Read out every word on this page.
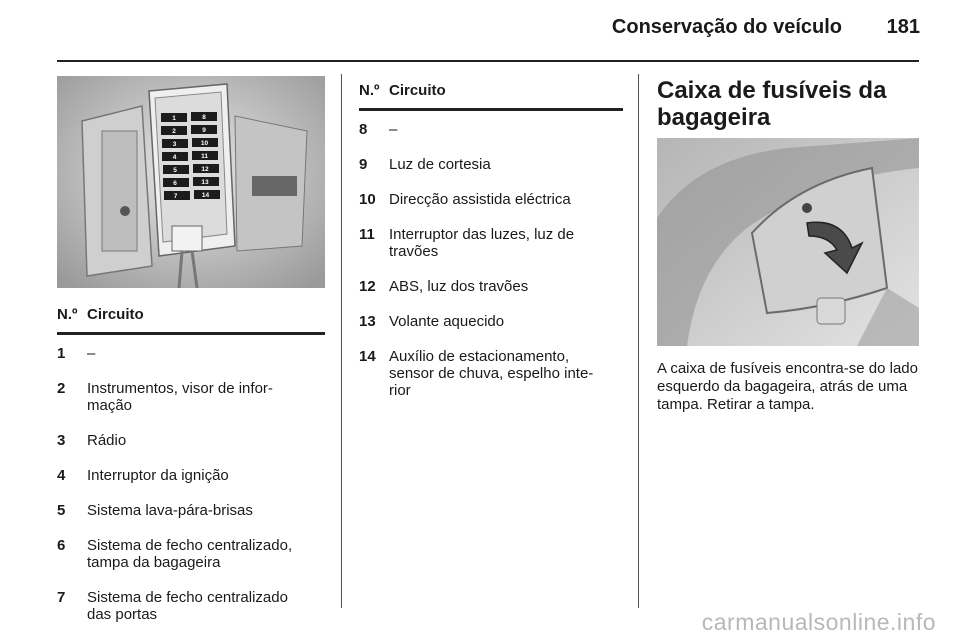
Conservação do veículo 181
1	8
2	9
3	10
4	11
5	12
6	13
7	14
N.º Circuito
1 –
2 Instrumentos, visor de infor-
mação
3 Rádio
4 Interruptor da ignição
5 Sistema lava-pára-brisas
6 Sistema de fecho centralizado,
tampa da bagageira
7 Sistema de fecho centralizado
das portas
N.º Circuito
8 –
9 Luz de cortesia
10 Direcção assistida eléctrica
11 Interruptor das luzes, luz de
travões
12 ABS, luz dos travões
13 Volante aquecido
14 Auxílio de estacionamento,
sensor de chuva, espelho inte-
rior
Caixa de fusíveis da bagageira
A caixa de fusíveis encontra-se do lado esquerdo da bagageira, atrás de uma tampa. Retirar a tampa.
carmanualsonline.info
